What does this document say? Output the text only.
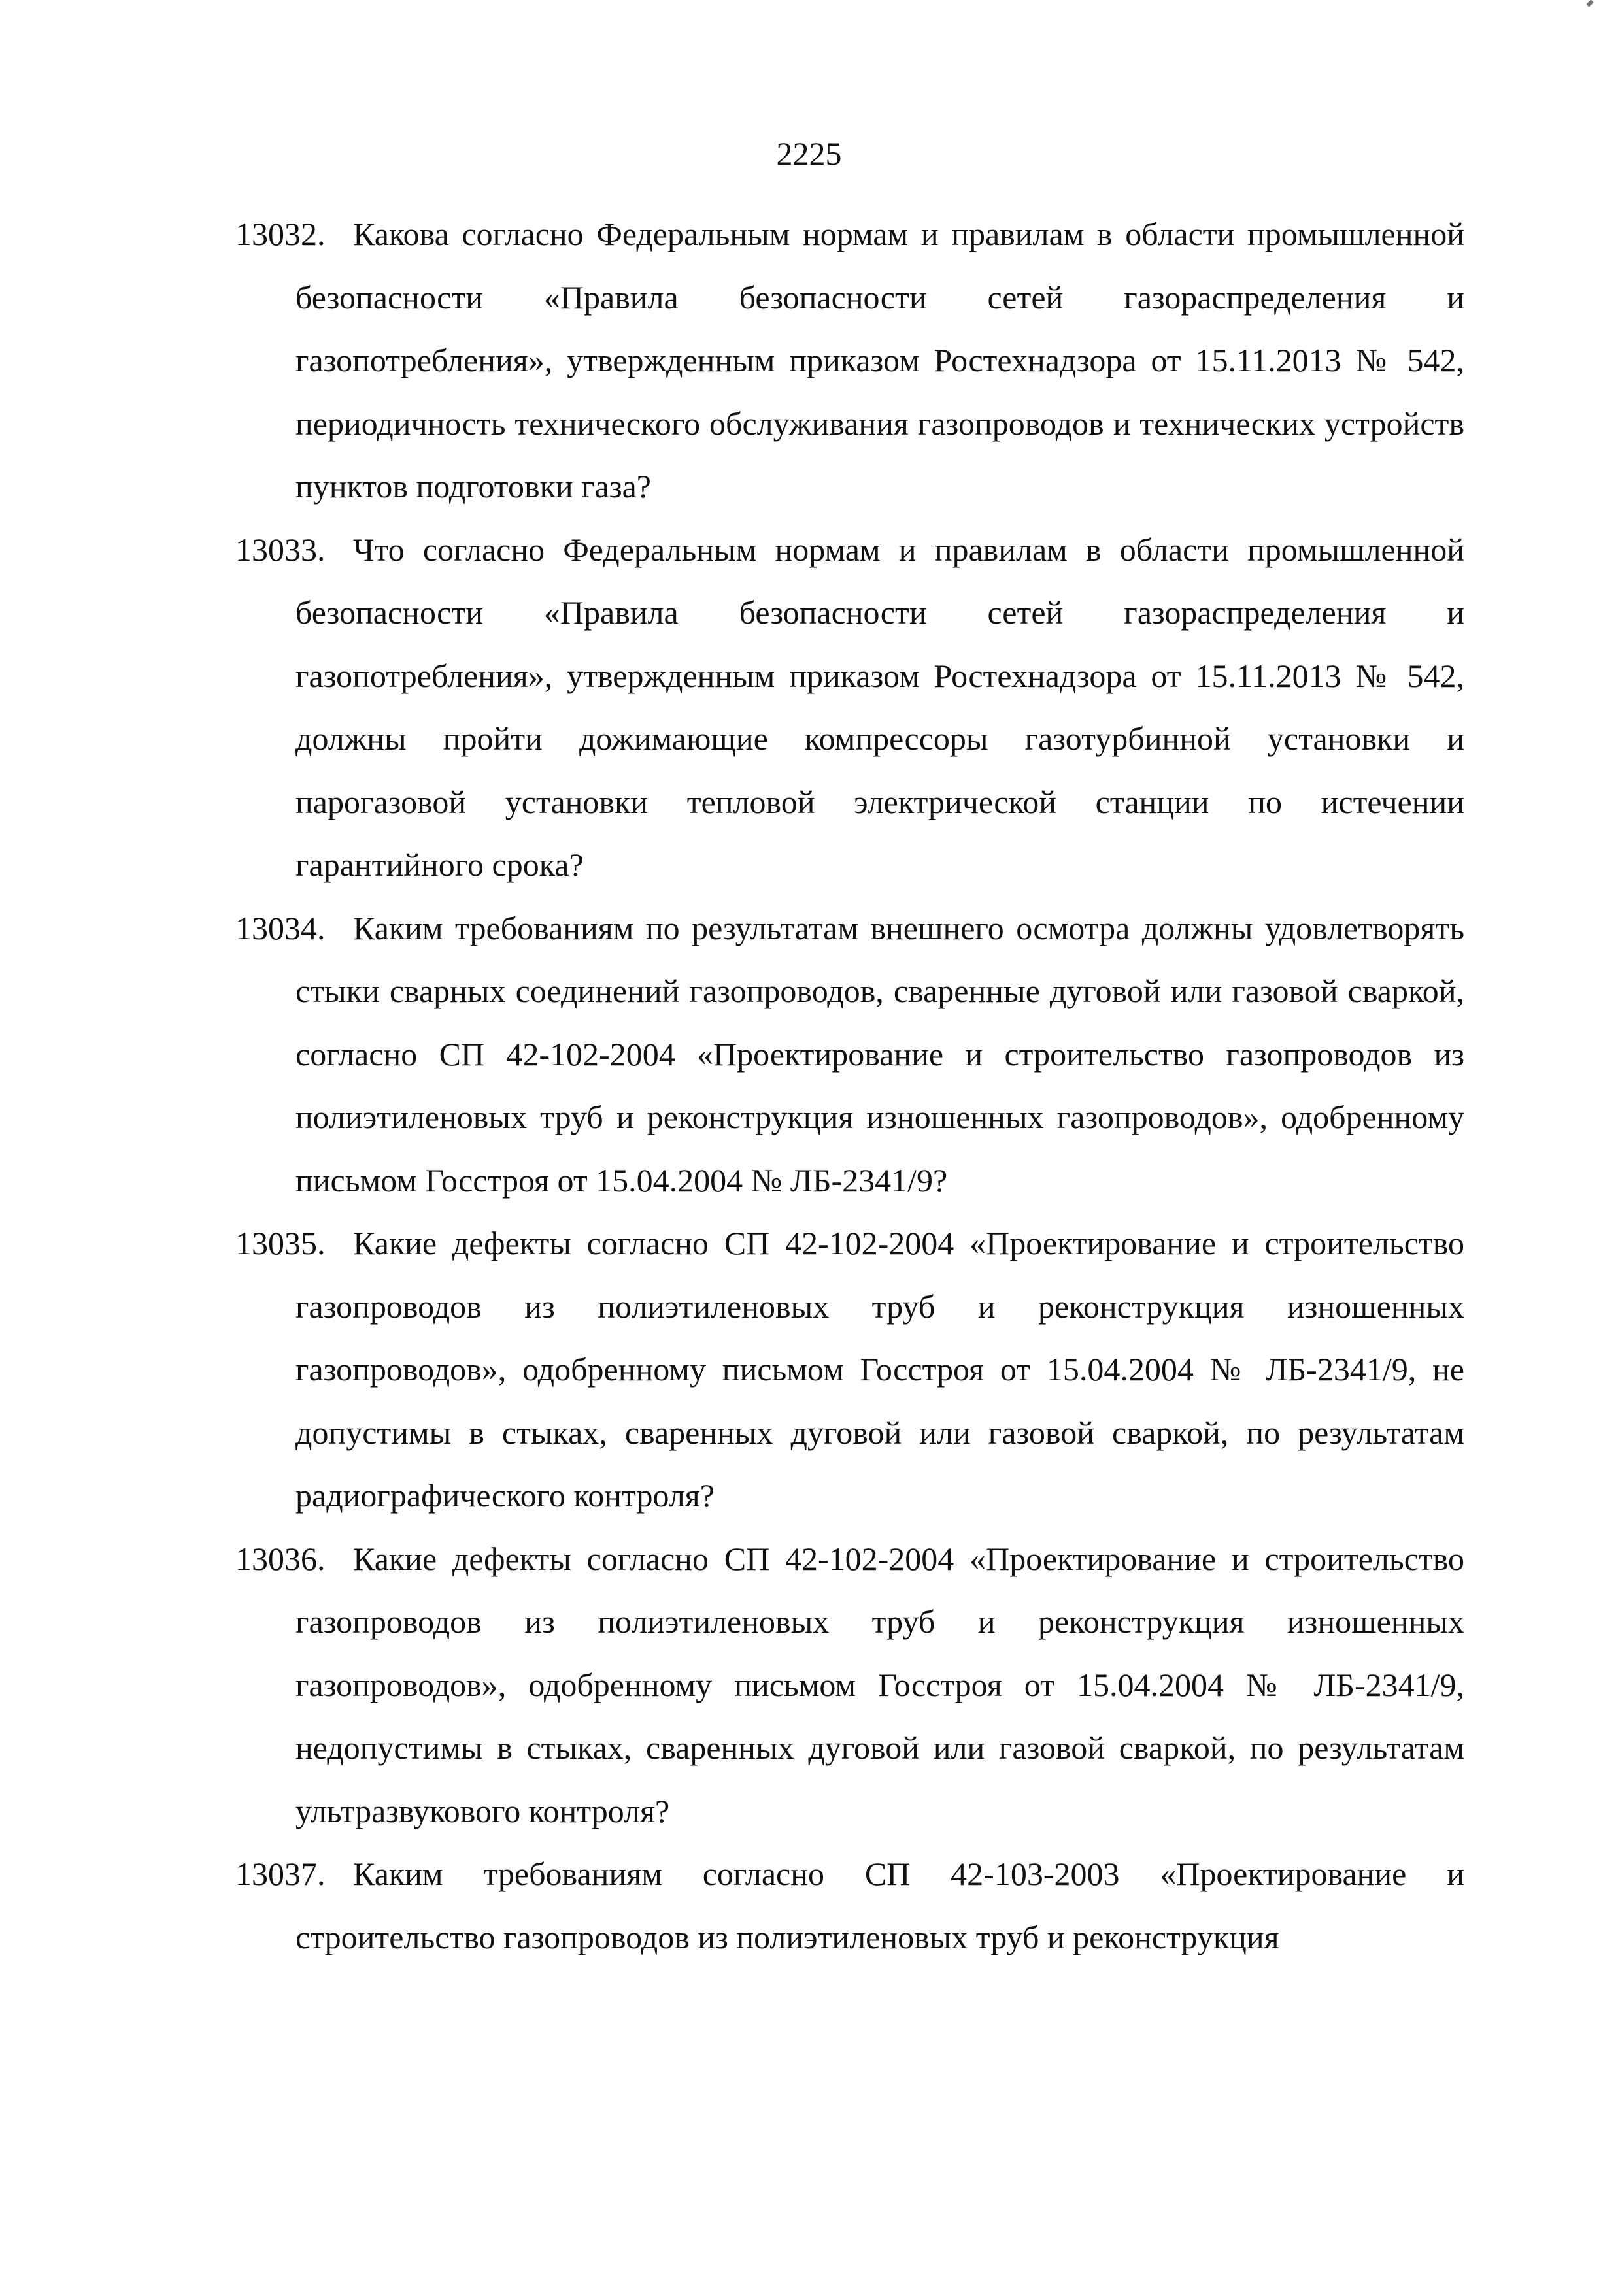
2225
13032. Какова согласно Федеральным нормам и правилам в области промышленной безопасности «Правила безопасности сетей газораспределения и газопотребления», утвержденным приказом Ростехнадзора от 15.11.2013 № 542, периодичность технического обслуживания газопроводов и технических устройств пунктов подготовки газа?
13033. Что согласно Федеральным нормам и правилам в области промышленной безопасности «Правила безопасности сетей газораспределения и газопотребления», утвержденным приказом Ростехнадзора от 15.11.2013 № 542, должны пройти дожимающие компрессоры газотурбинной установки и парогазовой установки тепловой электрической станции по истечении гарантийного срока?
13034. Каким требованиям по результатам внешнего осмотра должны удовлетворять стыки сварных соединений газопроводов, сваренные дуговой или газовой сваркой, согласно СП 42-102-2004 «Проектирование и строительство газопроводов из полиэтиленовых труб и реконструкция изношенных газопроводов», одобренному письмом Госстроя от 15.04.2004 № ЛБ-2341/9?
13035. Какие дефекты согласно СП 42-102-2004 «Проектирование и строительство газопроводов из полиэтиленовых труб и реконструкция изношенных газопроводов», одобренному письмом Госстроя от 15.04.2004 № ЛБ-2341/9, не допустимы в стыках, сваренных дуговой или газовой сваркой, по результатам радиографического контроля?
13036. Какие дефекты согласно СП 42-102-2004 «Проектирование и строительство газопроводов из полиэтиленовых труб и реконструкция изношенных газопроводов», одобренному письмом Госстроя от 15.04.2004 № ЛБ-2341/9, недопустимы в стыках, сваренных дуговой или газовой сваркой, по результатам ультразвукового контроля?
13037. Каким требованиям согласно СП 42-103-2003 «Проектирование и строительство газопроводов из полиэтиленовых труб и реконструкция
